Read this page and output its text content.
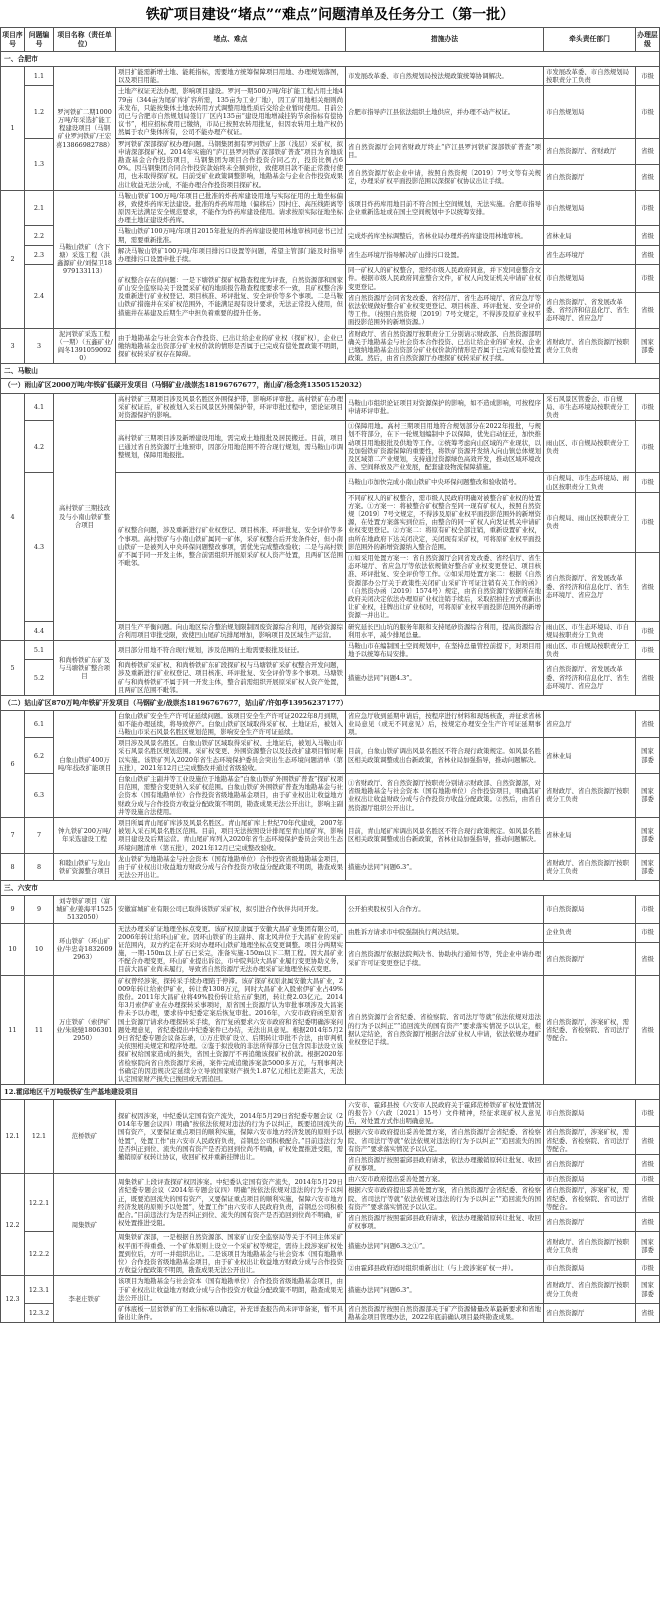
铁矿项目建设“堵点”“难点”问题清单及任务分工（第一批）
项目序号	问题编号	项目名称（责任单位）	堵点、难点	措施办法	牵头责任部门	办理层级
一、合肥市						
1	1.1	罗河铁矿二期1000万吨/年采选扩能工程建设项目（马钢矿业罗河铁矿/王宏喜13866982788）	项目扩能需新增土地、能耗指标，需要地方统筹保障项目用地、办理规划落图，以及项目用能。	市发展改革委、市自然规划局按法规政策统筹协调解决。	市发展改革委、市自然规划局按职责分工负责	市级
	1.2		土地产权证无法办理，影响项目建设。罗河一期500万吨/年扩能工程占用土地479亩（344亩为尾矿库扩容所需，135亩为工业厂地），因工矿用地相关细则尚未发布，只能按集体土地农转用方式调整用地性质后交给企业暂时使用。目前公司已与合肥市自然规划局签订厂区内135亩“建设用地增减挂钩节余指标有偿协议书”，相应招标费用已缴纳，市局已按照农转用批复，但因农转用土地产权仍然属于农户集体所有，公司不能办理产权证。	合肥市指导庐江县依法组织土地供应，并办理不动产权证。	市自然规划局	市级
	1.3		罗河铁矿深部探矿权办理问题。马钢集团拥有罗河铁矿上部（浅层）采矿权，拟申请深部探矿权。2014年实施的“庐江县罗河铁矿深部铁矿普查”项目为省地质勘查基金合作投资项目，马钢集团为项目合作投资合同乙方，投资比例占60%。因马钢集团合同合作投资款始终未全额到位，致使项目款不能正常拨付使用，也未取得探矿权。目前受矿业政策调整影响，地勘基金与企业合作投资成果出让收益无法分成，不能办理合作投资项目探矿权。	省自然资源厅会同省财政厅终止“庐江县罗河铁矿深部铁矿普查”项目。	省自然资源厅、省财政厅	省级
				省自然资源厅依企业申请，按照自然资规〔2019〕7号文等有关规定，办理采矿权平面投影范围以深探矿权协议出让手续。	省自然资源厅	省级
2	2.1	马鞍山铁矿（含下塘）采选工程（洪鑫源矿业/刘保卫18979133113）	马鞍山铁矿100万吨/年项目已批准的炸药库建设用地与实际征用的土地坐标偏移，致使炸药库无法建设。批准的炸药库用地（偏移后）因村庄、高压线距离等原因无法满足安全规范要求，不能作为炸药库建设使用。请求按原实际征地坐标办理土地证建设炸药库。	该项目炸药库用地目前不符合国土空间规划，无法实施。合肥市指导企业重新选址或在国土空间规划中予以统筹安排。	市自然规划局	市级
	2.2		马鞍山铁矿100万吨/年项目2015年批复的炸药库建设使用林地审核同意书已过期，需要重新批准。	完成炸药库坐标调整后，省林业局办理炸药库建设用林地审核。	省林业局	省级
	2.3		解决马鞍山铁矿100万吨/年项目排污口设置等问题，希望主管部门能及时指导办理排污口设置申批手续。	省生态环境厅指导解决矿山排污口设置。	省生态环境厅	省级
	2.4		矿权整合存在的问题：一是下塘铁矿探矿权勘查程度为评查，自然资源部和国家矿山安全监察局关于设置采矿权的地质报告勘查程度要求不一致，且矿权整合涉及重新进行矿业权登记、项目核准、环评批复、安全评价等多个事项。二是马鞍山铁矿措施井在采矿权范围外，不能满足现有设计要求，无法正常投入使用，但措施井在基建及后期生产中担负着重要的提升任务。	同一矿权人的矿权整合，需经市级人民政府同意，并下发同意整合文件。根据市级人民政府同意整合文件，矿权人向发证机关申请矿业权变更登记。	市自然规划局	市级
				省自然资源厅会同省发改委、省经信厅、省生态环境厅、省应急厅等依法依规做好整合矿业权变更登记、项目核准、环评批复、安全评价等工作。（按照自然资规〔2019〕7号文规定，不得涉及原矿业权平面投影范围外的新增资源。）	省自然资源厅、省发展改革委、省经济和信息化厅、省生态环境厅、省应急厅	省级
3	3	泥河铁矿采选工程（一期）（五鑫矿业/阎冬13910590920）	由于地勘基金与社会资本合作投资、已出让给企业的矿业权（探矿权），企业已缴纳地勘基金出资部分矿业权价款的情形是否属于已完成有偿处置政策不明朗，探矿权转采矿权存在障碍。	省财政厅、省自然资源厅按职责分工分别请示财政部、自然资源部明确关于地勘基金与社会资本合作投资、已出让给企业的矿业权、企业已缴纳地勘基金出资部分矿业权价款的情形是否属于已完成有偿处置政策。然后，由省自然资源厅办理探矿权转采矿权手续。	省财政厅、省自然资源厅按职责分工负责	国家部委
二、马鞍山						
（一）雨山矿区2000万吨/年铁矿低碳开发项目（马钢矿业/战崇杰18196767677，南山矿/杨念亮13505152032）						
4	4.1	高村铁矿三期技改及与小南山铁矿整合项目	高村铁矿三期项目涉及风景名胜区外围保护带，影响环评审批。高村铁矿在办理采矿权证后，矿权被划入采石风景区外围保护带，环评审批过程中，需论证项目对资源保护的影响。	马鞍山市组织论证项目对资源保护的影响，如不造成影响，可按程序申请环评审批。	采石风景区管委会、市自规局、市生态环境局按职责分工负责	市级
	4.2		高村铁矿三期项目涉及新增建设用地，需完成土地报批及居民搬迁。目前，项目已通过省自然资源厅土地预审，因部分用地范围不符合现行规划，需马鞍山市调整规划，保障用地报批。	①保障用地。高村三期项目用地符合规划部分在2022年报批，与规划不符部分，在下一轮规划编制中予以保障，优先启动征迁，加快推动项目用地报批及供地等工作。②统筹考虑向山区域的产业现状，以及加强铁矿资源保障的重要性，将铁矿资源开发纳入向山镇总体规划及区域第二产业规划，支持通过资源绿色高效开发，推动区域环境改善、空间释放及产业发展，配套建设物流保障措施。	雨山区、市自规局按职责分工负责	市级
	4.3		矿权整合问题，涉及重新进行矿业权登记、项目核准、环评批复、安全评价等多个事项。高村铁矿与小南山铁矿属同一矿体，采矿权整合后开发条件好，但小南山铁矿一是被列入中央环保问题整改事项，需优先完成整改验收；二是与高村铁矿不属于同一开发主体，整合前需组织开展原采矿权人资产处置，且两矿区范围不毗邻。	马鞍山市加快完成小南山铁矿中央环保问题整改和验收销号。	市自规局、市生态环境局、雨山区按职责分工负责	市级
				不同矿权人的矿权整合，需市级人民政府明确对被整合矿业权的处置方案。①方案一：将被整合矿权整合至同一现有矿权人，按照自然资规〔2019〕7号文规定，不得涉及原矿业权平面投影范围外的新增资源，在处置方案落实到位后，由整合的同一矿权人向发证机关申请矿业权变更登记。②方案二：将原有矿权全部注销，重新设置矿业权，由所在地政府下达关闭决定，关闭现有采矿权，可将原矿业权平面投影范围外的新增资源纳入整合范围。	市自规局、雨山区按职责分工负责	市级
				①如采用处置方案一：省自然资源厅会同省发改委、省经信厅、省生态环境厅、省应急厅等依法依规做好整合矿业权变更登记、项目核准、环评批复、安全评价等工作。②如采用处置方案二：根据《自然资源部办公厅关于政策性关闭矿山采矿许可证注销有关工作的函》（自然资办函〔2019〕1574号）规定，由省自然资源厅依据所在地政府关闭决定依法办理原矿业权注销手续后，采取招拍挂方式重新出让矿业权，挂牌出让矿业权时，可将原矿业权平面投影范围外的新增资源一并出让。	省自然资源厅、省发展改革委、省经济和信息化厅、省生态环境厅、省应急厅	省级
	4.4		项目生产平衡问题。向山地区综合整治规划限制固废资源综合利用，尾砂资源综合利用项目审批受限，致使凹山尾矿坑排尾增加，影响项目及区域生产运营。	研究延长凹山坑的服务年限和支持尾砂资源综合利用，提高资源综合利用水平，减少排尾总量。	雨山区、市生态环境局、市自规局按职责分工负责	市级
5	5.1	和尚桥铁矿东矿及与马塘铁矿整合项目	项目部分用地不符合现行规划，涉及范围的土地需要报批及征迁。	马鞍山市在编制国土空间规划中，在坚持总量管控前提下，对项目用地予以统筹布局安排。	雨山区、市自规局按职责分工负责	市级
	5.2		和尚桥铁矿采矿权、和尚桥铁矿东矿段探矿权与马塘铁矿采矿权整合开发问题，涉及重新进行矿业权登记、项目核准、环评批复、安全评价等多个事项。马塘铁矿与和尚桥铁矿不属于同一开发主体，整合前需组织开展原采矿权人资产处置，且两矿区范围不毗邻。	措施办法同“问题4.3”。	省自然资源厅、省发展改革委、省经济和信息化厅、省生态环境厅、省应急厅	省级
（二）姑山矿区870万吨/年铁矿开发项目（马钢矿业/战崇杰18196767677，姑山矿/许如亭13956237177）						
6	6.1	白象山铁矿400万吨/年技改扩能项目	白象山铁矿安全生产许可证延续问题。该项目安全生产许可证2022年8月到期，如不能办理延续，将导致停产。白象山铁矿区域取得采矿权、土地证后，被划入马鞍山市采石风景名胜区规划范围，影响安全生产许可证延续。	省应急厅收到延期申请后，按程序进行材料和现场核查，并征求省林业局意见（或无不同意见）后，按规定办理安全生产许可证延期事项。	省应急厅	省级
	6.2		项目涉及风景名胜区。白象山铁矿区域取得采矿权、土地证后，被划入马鞍山市采石风景名胜区规划范围。采矿权变更、外围资源整合以及技改扩建项目暂时难以实施。该铁矿列入2020年省生态环境保护委员会突出生态环境问题清单（第五批），2021年12月已完成整改并通过省级验收。	目前，白象山铁矿调出风景名胜区不符合现行政策规定。如风景名胜区相关政策调整或出台新政策，省林业局加强指导，推动问题解决。	省林业局	国家部委
	6.3		白象山铁矿主副井等工业设施位于地勘基金“白象山铁矿外围铁矿普查”探矿权项目范围，需整合变更纳入采矿权范围。白象山铁矿外围铁矿普查为地勘基金与社会资本（国有地勘单位）合作投资省级地勘基金项目，由于矿业权出让收益地方财政分成与合作投资方收益分配政策不明朗，勘查成果无法公开出让，影响主副井等设施合法使用。	①省财政厅、省自然资源厅按职责分别请示财政部、自然资源部，对省级地勘基金与社会资本（国有地勘单位）合作投资项目，明确其矿业权出让收益财政分成与合作投资方收益分配政策。②然后，由省自然资源厅组织公开出让。	省财政厅、省自然资源厅按职责分工负责	国家部委
7	7	钟九铁矿200万吨/年采选建设工程	项目所属青山尾矿库涉及风景名胜区。青山尾矿库上世纪70年代建成，2007年被划入采石风景名胜区范围。目前，项目无法按照设计排尾至青山尾矿库，影响项目建设及后期运营。青山尾矿库列入2020年省生态环境保护委员会突出生态环境问题清单（第五批），2021年12月已完成整改验收。	目前，青山尾矿库调出风景名胜区不符合现行政策规定。如风景名胜区相关政策调整或出台新政策，省林业局加强指导，推动问题解决。	省林业局	国家部委
8	8	和睦山铁矿与龙山铁矿资源整合项目	龙山铁矿为地勘基金与社会资本（国有地勘单位）合作投资省级地勘基金项目，由于矿业权出让收益地方财政分成与合作投资方收益分配政策不明朗，勘查成果无法公开出让。	措施办法同“问题6.3”。	省财政厅、省自然资源厅按职责分工负责	国家部委
三、六安市						
9	9	刘寺铁矿项目（富城矿业/姜海平15255132050）	安徽富城矿业有限公司已取得该铁矿采矿权，拟引进合作伙伴共同开发。	公开拍卖股权引入合作方。	市自然资源局	市级
10	10	环山铁矿（环山矿业/牛忠奇18326092963）	无法办理采矿证地理坐标点变更。该矿权原隶属于安徽大昌矿业集团有限公司，2006年转让给环山矿业。因环山铁矿的主副井、南北风井位于大昌矿业的采矿证范围内，双方约定在开采时办理环山铁矿地理坐标点变更调整。项目分两期实施，一期-150m以上矿石已采完，准备实施-150m以下二期工程。因大昌矿业不配合办理变更，环山矿业提出诉讼，市中院判决大昌矿业履行变更协助义务，目前大昌矿业尚未履行，导致省自然资源厅无法办理采矿证地理坐标点变更。	由胜诉方请求市中院强制执行判决结果。	企业负责	市级
				省自然资源厅依据法院判决书、协助执行通知书等，凭企业申请办理采矿许可证变更登记手续。	省自然资源厅	省级
11	11	万庄铁矿（索伊矿业/朱晓驰18063012950）	矿权曾经涉案，探转采手续办理陷于停滞。该矿探矿权原隶属安徽大昌矿业，2009年转让给索伊矿业，转让费1308万元，同时大昌矿业入股索伊矿业占49%股份。2011年大昌矿业将49%股份转让给五矿集团，转让费2.03亿元。2014年3月索伊矿业在办理探转采事项时，原省国土资源厅认为审批事项涉及大昌案件未予以办理，要求待中纪委定案后恢复审批。2016年，六安市政府函至原省国土资源厅请求办理探转采手续，省厅复函要求六安市政府和省纪委明确涉案问题处理意见，省纪委提出中纪委案件已办结，无法出具意见。根据2014年5月29日省纪委专题会议备忘录，①万庄铁矿设立、后期转让审批不合法，由审判机关依照相关规定和程序处理。②鉴于拟没收的非法所得部分已包含因非法设立该探矿权给国家造成的损失，省国土资源厅不再追缴该探矿权价款。根据2020年省检察院向省自然资源厅来函，案件完成追缴涉案款5000多万元，与刑事判决书确定的因违规决定延续分立导致国家财产损失1.87亿元相比差距甚大，无法认定国家财产损失已挽回或无需追回。	省自然资源厅会省纪委、省检察院、省司法厅等就“依法依规对违法的行为予以纠正”“追回流失的国有资产”要求落实情况予以认定，根据认定结论，省自然资源厅根据合法矿业权人申请，依法依规办理矿业权登记手续。	省自然资源厅，涉案矿权，需省纪委、省检察院、省司法厅等配合。	省级
12.霍邱地区千万吨级铁矿生产基地建设项目						
12.1	12.1	范桥铁矿	探矿权因涉案，中纪委认定国有资产流失，2014年5月29日省纪委专题会议（2014年专题会议四）明确“按依法依规对违法的行为予以纠正，既要追回流失的国有资产，又要保证重点项目的顺利实施，保障六安市地方经济发展的原则予以处置”，处置工作“由六安市人民政府负责，首钢总公司积极配合。”目前违法行为是否纠正到位、流失的国有资产是否追回到位尚不明确，矿权处置推进受阻，需撤销原矿权转让协议，收回矿权并重新挂牌出让。	六安市、霍邱县按《六安市人民政府关于霍邱范桥铁矿矿权处置情况的报告》（六政〔2021〕15号）文件精神，经征求现矿权人意见后，对处置方式作出明确意见。	市自然资源局	市级
				根据六安市政府提出妥善处置方案，省自然资源厅会省纪委、省检察院、省司法厅等就“依法依规对违法的行为予以纠正”“追回流失的国有资产”要求落实情况予以认定。	省自然资源厅，涉案矿权，需省纪委、省检察院、省司法厅等配合。	省级
				省自然资源厅按照霍邱县政府请求，依法办理撤销原转让批复、收回矿权事项。	省自然资源厅	省级
12.2	12.2.1	周集铁矿	周集铁矿上段评查探矿权因涉案。中纪委认定国有资产流失，2014年5月29日省纪委专题会议（2014年专题会议四）明确“按依法依规对违法的行为予以纠正，既要追回流失的国有资产，又要保证重点项目的顺利实施，保障六安市地方经济发展的原则予以处置”，处置工作“由六安市人民政府负责，首钢总公司积极配合。”目前违法行为是否纠正到位、流失的国有资产是否追回到位尚不明确，矿权处置推进受阻。	由六安市政府提出妥善处置方案。	市自然资源局	市级
				根据六安市政府提出妥善处置方案，省自然资源厅会省纪委、省检察院、省司法厅等就“依法依规对违法的行为予以纠正”“追回流失的国有资产”要求落实情况予以认定。	省自然资源厅，涉案矿权，需省纪委、省检察院、省司法厅等配合。	省级
				省自然资源厅按照霍邱县政府请求，依法办理撤销原转让批复、收回矿权事项。	省自然资源厅	省级
	12.2.2		周集铁矿深部，一是根据自然资源部、国家矿山安全监察局等关于不同主体采矿权平面不得重叠、一个矿体原则上设立一个采矿权等规定，需待上段涉案矿权处置到位后，方可一并组织出让。二是该项目为地勘基金与社会资本（国有地勘单位）合作投资省级地勘基金项目，由于矿业权出让收益地方财政分成与合作投资方收益分配政策不明朗，勘查成果无法公开出让。	措施办法同“问题6.3之①”。	省财政厅、省自然资源厅按职责分工负责	国家部委
				②由霍邱县政府适时组织重新出让（与上段涉案矿权一并）。	市自然资源局	市级
12.3	12.3.1	李老庄铁矿	该项目为地勘基金与社会资本（国有地勘单位）合作投资省级地勘基金项目，由于矿业权出让收益地方财政分成与合作投资方收益分配政策不明朗，勘查成果无法公开出让。	措施办法同“问题6.3”。	省财政厅、省自然资源厅按职责分工负责	国家部委
	12.3.2		矿体底板一层贫铁矿的工业指标难以确定，补充详查报告尚未评审备案，暂不具备出让条件。	省自然资源厅按照自然资源部关于矿产资源储量改革最新要求和省地勘基金项目管理办法，2022年底前确认项目最终勘查成果。	省自然资源厅	省级
